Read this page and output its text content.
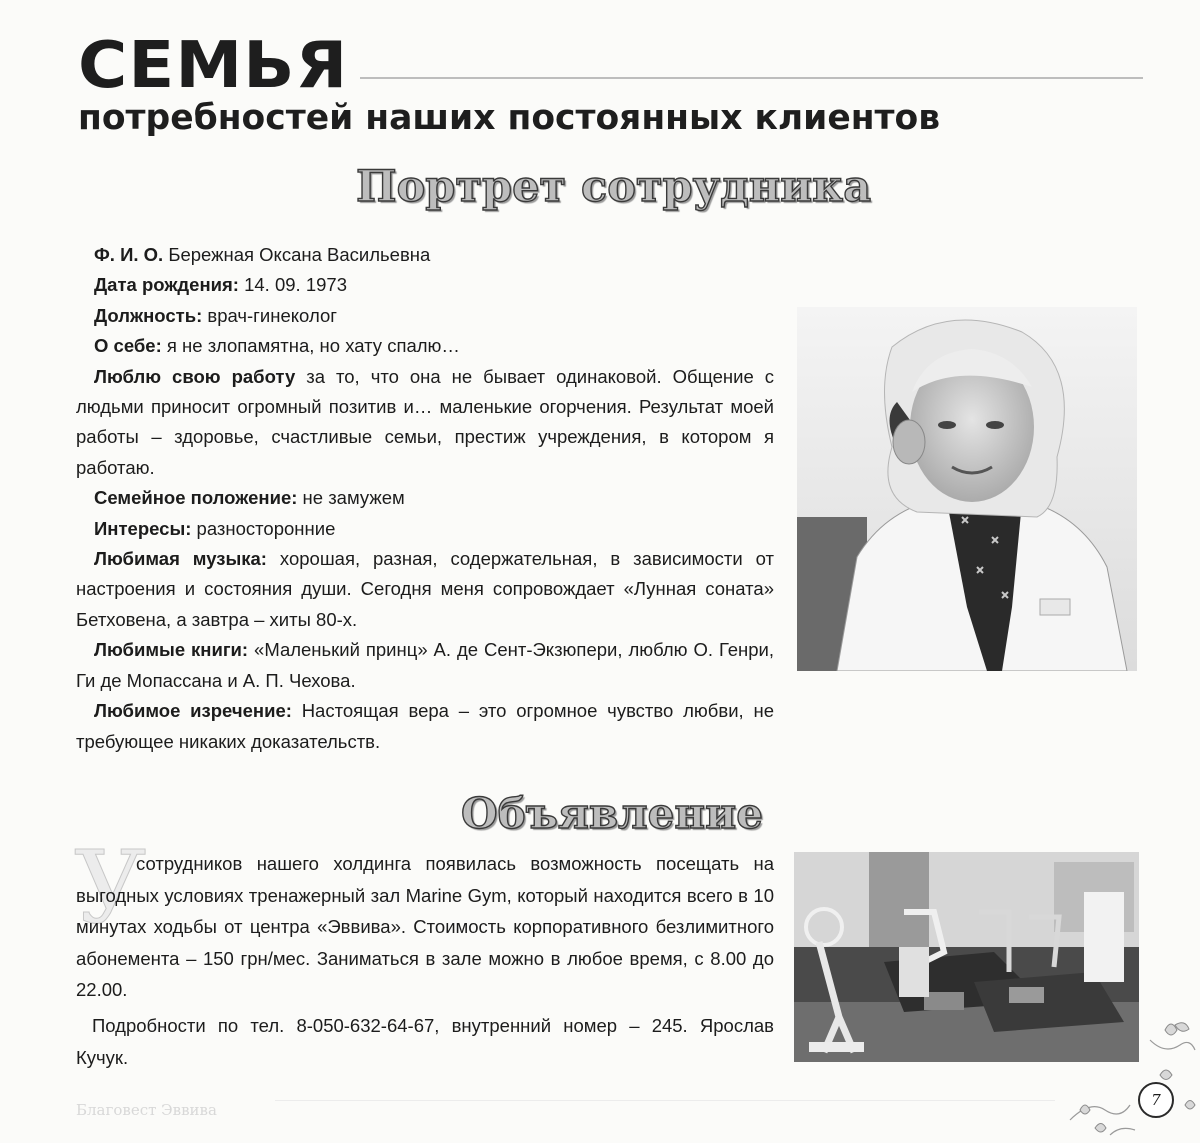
СЕМЬЯ
потребностей наших постоянных клиентов
Портрет сотрудника

Ф. И. О. Бережная Оксана Васильевна

Дата рождения: 14. 09. 1973

Должность: врач-гинеколог

О себе: я не злопамятна, но хату спалю…

Люблю свою работу за то, что она не бывает одинаковой. Общение с людьми приносит огромный позитив и… маленькие огорчения. Результат моей работы – здоровье, счастливые семьи, престиж учреждения, в котором я работаю.

Семейное положение: не замужем

Интересы: разносторонние

Любимая музыка: хорошая, разная, содержательная, в зависимости от настроения и состояния души. Сегодня меня сопровождает «Лунная соната» Бетховена, а завтра – хиты 80-х.

Любимые книги: «Маленький принц» А. де Сент-Экзюпери, люблю О. Генри, Ги де Мопассана и А. П. Чехова.

Любимое изречение: Настоящая вера – это огромное чувство любви, не требующее никаких доказательств.

Объявление
У

сотрудников нашего холдинга появилась возможность посещать на выгодных условиях тренажерный зал Marine Gym, который находится всего в 10 минутах ходьбы от центра «Эввива». Стоимость корпоративного безлимитного абонемента – 150 грн/мес. Заниматься в зале можно в любое время, с 8.00 до 22.00.

Подробности по тел. 8-050-632-64-67, внутренний номер – 245. Ярослав Кучук.

Благовест Эввива
7
